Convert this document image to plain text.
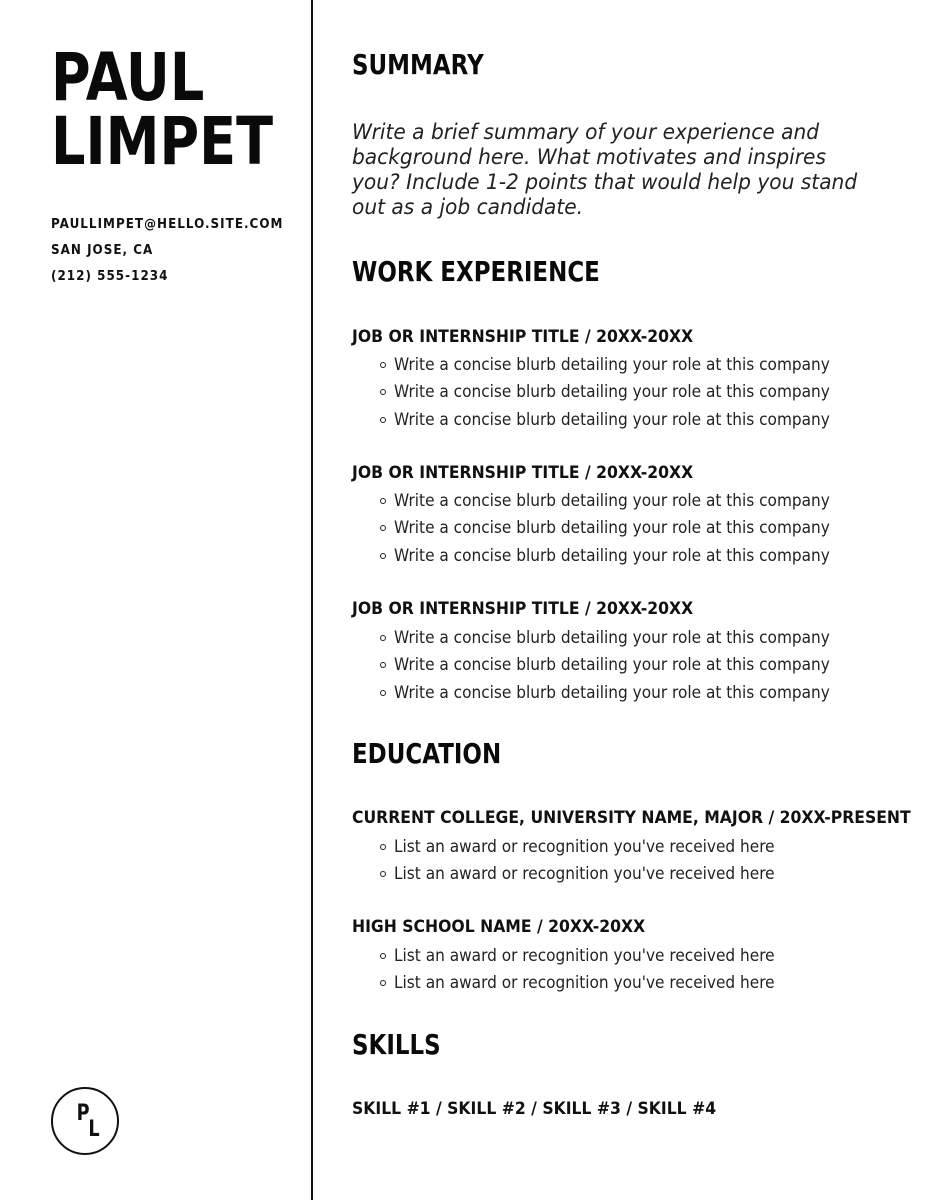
PAUL
LIMPET
PAULLIMPET@HELLO.SITE.COM
SAN JOSE, CA
(212) 555-1234
P
L
SUMMARY
Write a brief summary of your experience and background here. What motivates and inspires you? Include 1-2 points that would help you stand out as a job candidate.
WORK EXPERIENCE
JOB OR INTERNSHIP TITLE / 20XX-20XX
Write a concise blurb detailing your role at this company
Write a concise blurb detailing your role at this company
Write a concise blurb detailing your role at this company
JOB OR INTERNSHIP TITLE / 20XX-20XX
Write a concise blurb detailing your role at this company
Write a concise blurb detailing your role at this company
Write a concise blurb detailing your role at this company
JOB OR INTERNSHIP TITLE / 20XX-20XX
Write a concise blurb detailing your role at this company
Write a concise blurb detailing your role at this company
Write a concise blurb detailing your role at this company
EDUCATION
CURRENT COLLEGE, UNIVERSITY NAME, MAJOR / 20XX-PRESENT
List an award or recognition you've received here
List an award or recognition you've received here
HIGH SCHOOL NAME / 20XX-20XX
List an award or recognition you've received here
List an award or recognition you've received here
SKILLS
SKILL #1 / SKILL #2 / SKILL #3 / SKILL #4
